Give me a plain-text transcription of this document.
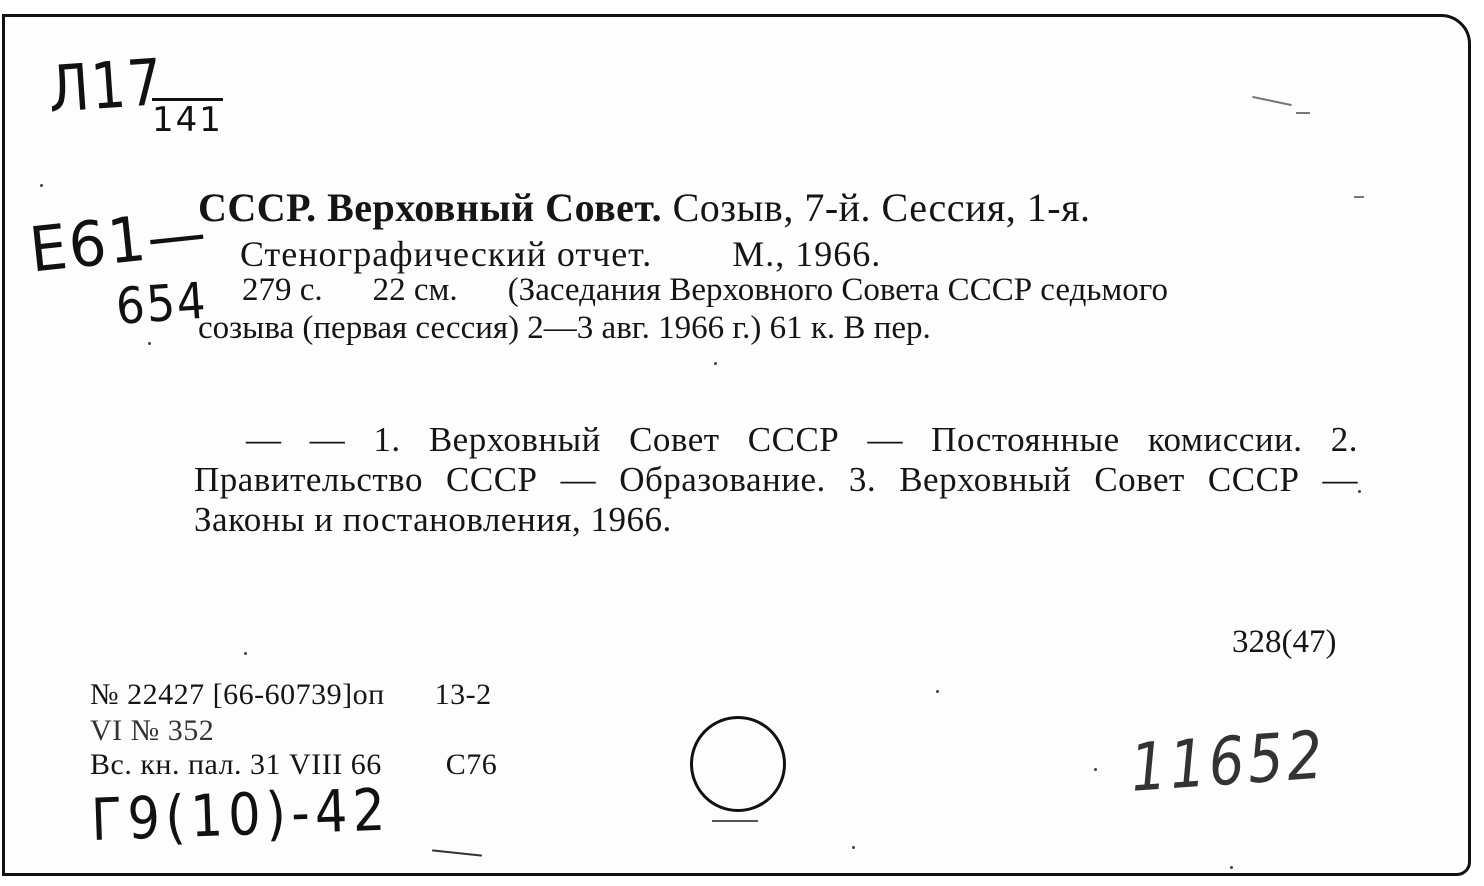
Л17
141
Е61—
654
Г9(10)-42
11652
СССР. Верховный Совет. Созыв, 7-й. Сессия, 1-я.
Стенографический отчет. М., 1966.
279 с. 22 см. (Заседания Верховного Совета СССР седьмого
созыва (первая сессия) 2—3 авг. 1966 г.) 61 к. В пер.
— — 1. Верховный Совет СССР — Постоянные комиссии. 2. Правительство СССР — Образование. 3. Верховный Совет СССР — Законы и постановления, 1966.
328(47)
№ 22427 [66-60739]оп 13-2
VI № 352
Вс. кн. пал. 31 VIII 66 С76
